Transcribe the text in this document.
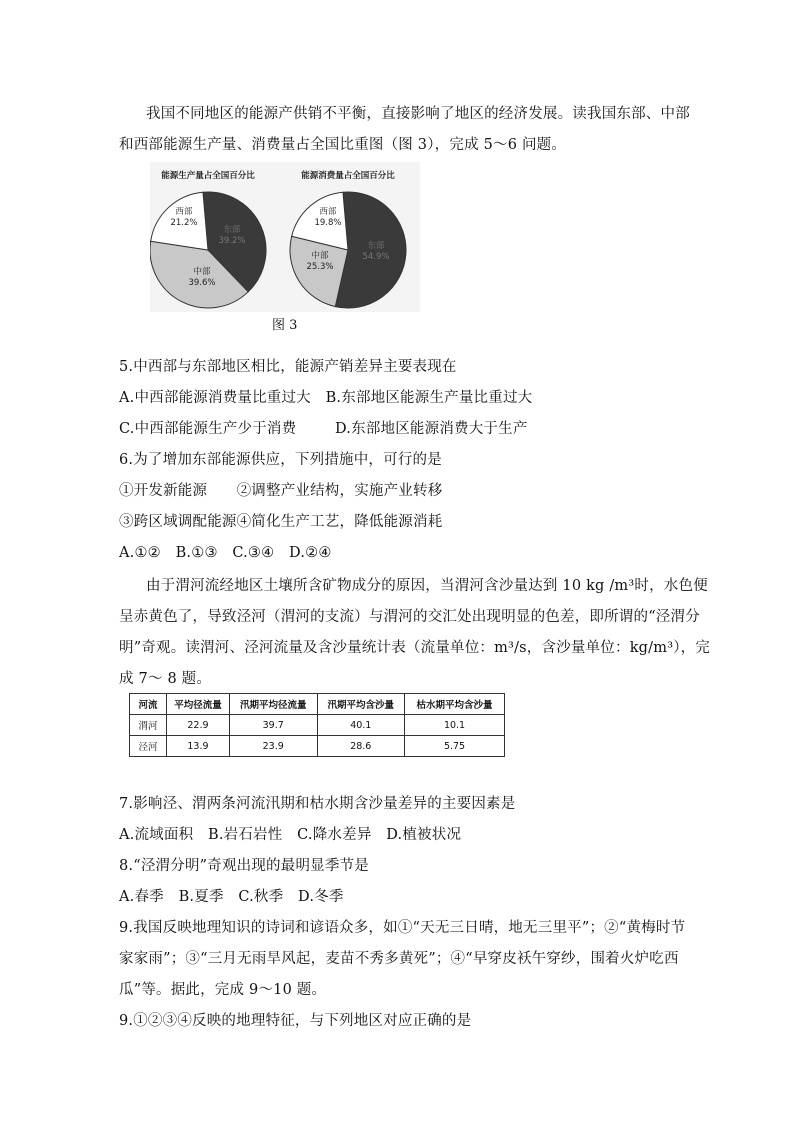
我国不同地区的能源产供销不平衡，直接影响了地区的经济发展。读我国东部、中部
和西部能源生产量、消费量占全国比重图（图 3），完成 5～6 问题。
能源生产量占全国百分比
东部
39.2%
中部
39.6%
西部
21.2%
能源消费量占全国百分比
东部
54.9%
中部
25.3%
西部
19.8%
图 3
5.中西部与东部地区相比，能源产销差异主要表现在
A.中西部能源消费量比重过大　B.东部地区能源生产量比重过大
C.中西部能源生产少于消费	D.东部地区能源消费大于生产
6.为了增加东部能源供应，下列措施中，可行的是
①开发新能源　　②调整产业结构，实施产业转移
③跨区域调配能源④简化生产工艺，降低能源消耗
A.①②　B.①③　C.③④　D.②④
由于渭河流经地区土壤所含矿物成分的原因，当渭河含沙量达到 10 kg /m³时，水色便
呈赤黄色了，导致泾河（渭河的支流）与渭河的交汇处出现明显的色差，即所谓的“泾渭分
明”奇观。读渭河、泾河流量及含沙量统计表（流量单位：m³/s，含沙量单位：kg/m³），完
成 7～ 8 题。
河流	平均径流量	汛期平均径流量	汛期平均含沙量	枯水期平均含沙量
渭河	22.9	39.7	40.1	10.1
泾河	13.9	23.9	28.6	5.75
7.影响泾、渭两条河流汛期和枯水期含沙量差异的主要因素是
A.流域面积　B.岩石岩性　C.降水差异　D.植被状况
8.“泾渭分明”奇观出现的最明显季节是
A.春季　B.夏季　C.秋季　D.冬季
9.我国反映地理知识的诗词和谚语众多，如①“天无三日晴，地无三里平”；②“黄梅时节
家家雨”；③“三月无雨旱风起，麦苗不秀多黄死”；④“早穿皮袄午穿纱，围着火炉吃西
瓜”等。据此，完成 9～10 题。
9.①②③④反映的地理特征，与下列地区对应正确的是
